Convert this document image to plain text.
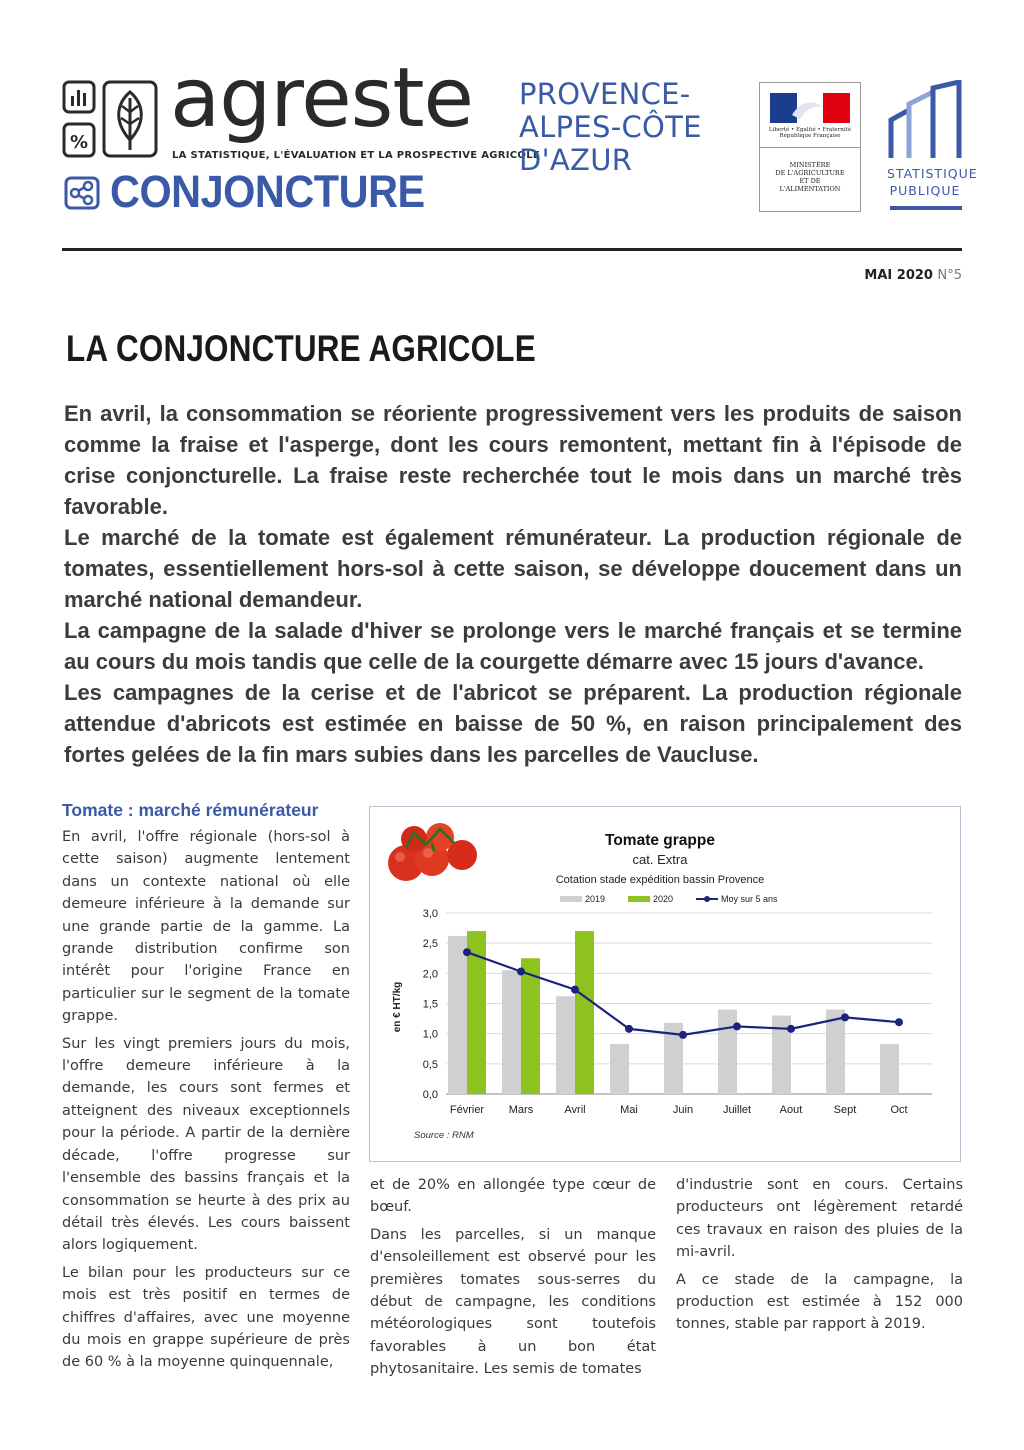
% agreste
LA STATISTIQUE, L'ÉVALUATION ET LA PROSPECTIVE AGRICOLE
CONJONCTURE
PROVENCE-
ALPES-CÔTE
D'AZUR
Liberté • Égalité • Fraternité
République Française
MINISTÈRE
DE L'AGRICULTURE
ET DE
L'ALIMENTATION
STATISTIQUE
PUBLIQUE
MAI 2020 N°5
LA CONJONCTURE AGRICOLE

En avril, la consommation se réoriente progressivement vers les produits de saison comme la fraise et l'asperge, dont les cours remontent, mettant fin à l'épisode de crise conjoncturelle. La fraise reste recherchée tout le mois dans un marché très favorable.

Le marché de la tomate est également rémunérateur. La production régionale de tomates, essentiellement hors-sol à cette saison, se développe doucement dans un marché national demandeur.

La campagne de la salade d'hiver se prolonge vers le marché français et se termine au cours du mois tandis que celle de la courgette démarre avec 15 jours d'avance.

Les campagnes de la cerise et de l'abricot se préparent. La production régionale attendue d'abricots est estimée en baisse de 50 %, en raison principalement des fortes gelées de la fin mars subies dans les parcelles de Vaucluse.

Tomate : marché rémunérateur

En avril, l'offre régionale (hors-sol à cette saison) augmente lentement dans un contexte national où elle demeure inférieure à la demande sur une grande partie de la gamme. La grande distribution confirme son intérêt pour l'origine France en particulier sur le segment de la tomate grappe.

Sur les vingt premiers jours du mois, l'offre demeure inférieure à la demande, les cours sont fermes et atteignent des niveaux exceptionnels pour la période. A partir de la dernière décade, l'offre progresse sur l'ensemble des bassins français et la consommation se heurte à des prix au détail très élevés. Les cours baissent alors logiquement.

Le bilan pour les producteurs sur ce mois est très positif en termes de chiffres d'affaires, avec une moyenne du mois en grappe supérieure de près de 60 % à la moyenne quinquennale,

et de 20% en allongée type cœur de bœuf.

Dans les parcelles, si un manque d'ensoleillement est observé pour les premières tomates sous-serres du début de campagne, les conditions météorologiques sont toutefois favorables à un bon état phytosanitaire. Les semis de tomates

d'industrie sont en cours. Certains producteurs ont légèrement retardé ces travaux en raison des pluies de la mi-avril.

A ce stade de la campagne, la production est estimée à 152 000 tonnes, stable par rapport à 2019.

Tomate grappe
cat. Extra
Cotation stade expédition bassin Provence
2019	2020	Moy sur 5 ans
0,0
0,5
1,0
1,5
2,0
2,5
3,0
Février Mars	Avril	Mai	Juin	Juillet	Aout	Sept	Oct
en € HT/kg
Source : RNM
